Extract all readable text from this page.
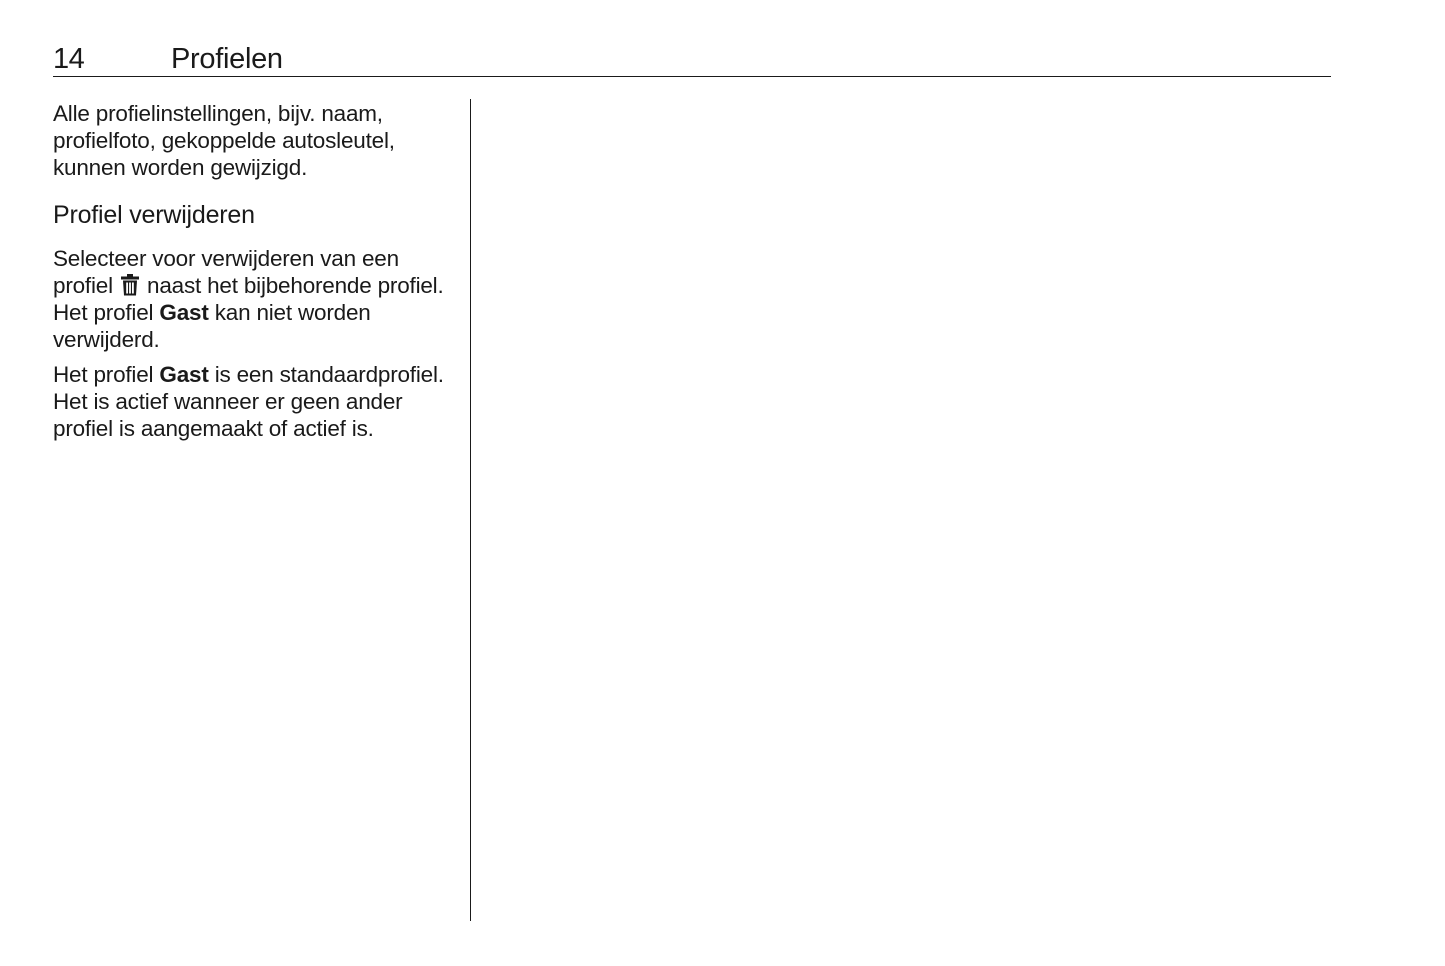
14	Profielen

Alle profielinstellingen, bijv. naam, profielfoto, gekoppelde autosleutel, kunnen worden gewijzigd.

Profiel verwijderen

Selecteer voor verwijderen van een profiel naast het bijbehorende profiel. Het profiel Gast kan niet worden verwijderd.

Het profiel Gast is een standaardprofiel. Het is actief wanneer er geen ander profiel is aangemaakt of actief is.
